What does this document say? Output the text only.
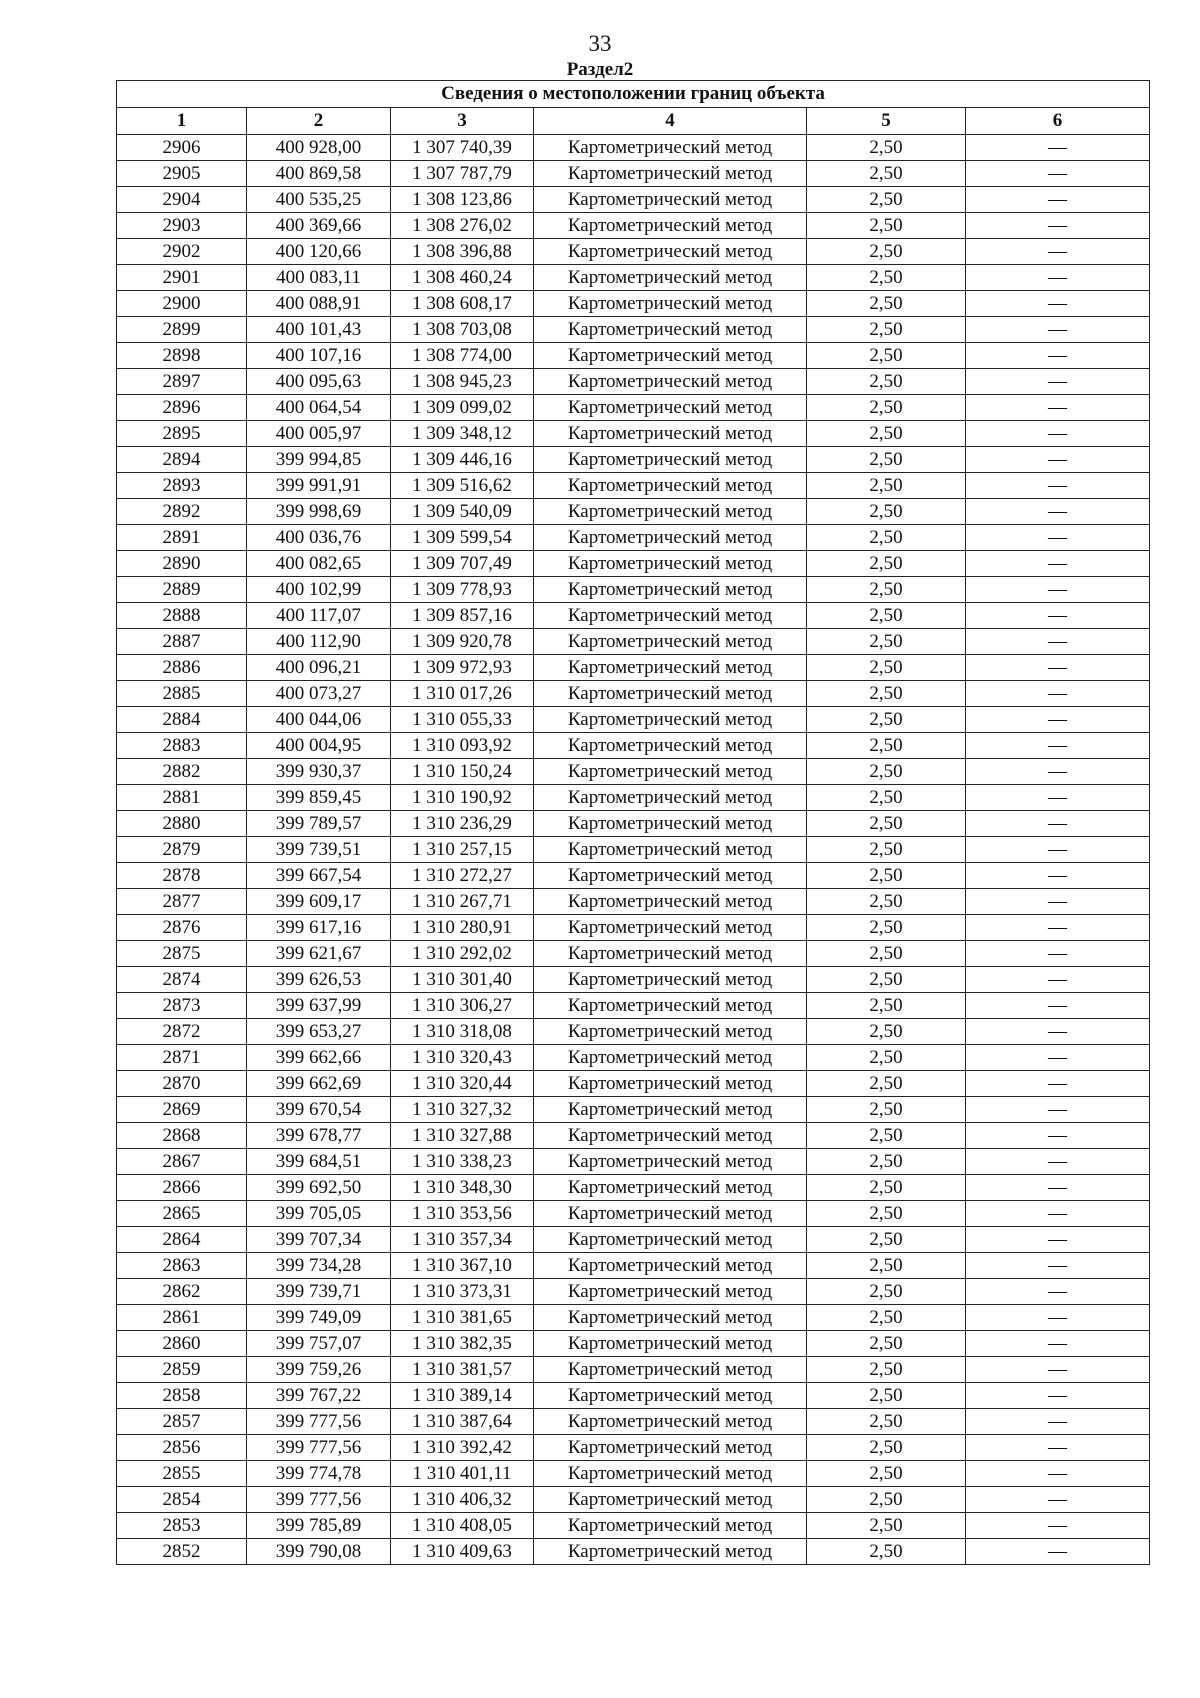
33
Раздел2
Сведения о местоположении границ объекта					
1	2	3	4	5	6
2906	400 928,00	1 307 740,39	Картометрический метод	2,50	—
2905	400 869,58	1 307 787,79	Картометрический метод	2,50	—
2904	400 535,25	1 308 123,86	Картометрический метод	2,50	—
2903	400 369,66	1 308 276,02	Картометрический метод	2,50	—
2902	400 120,66	1 308 396,88	Картометрический метод	2,50	—
2901	400 083,11	1 308 460,24	Картометрический метод	2,50	—
2900	400 088,91	1 308 608,17	Картометрический метод	2,50	—
2899	400 101,43	1 308 703,08	Картометрический метод	2,50	—
2898	400 107,16	1 308 774,00	Картометрический метод	2,50	—
2897	400 095,63	1 308 945,23	Картометрический метод	2,50	—
2896	400 064,54	1 309 099,02	Картометрический метод	2,50	—
2895	400 005,97	1 309 348,12	Картометрический метод	2,50	—
2894	399 994,85	1 309 446,16	Картометрический метод	2,50	—
2893	399 991,91	1 309 516,62	Картометрический метод	2,50	—
2892	399 998,69	1 309 540,09	Картометрический метод	2,50	—
2891	400 036,76	1 309 599,54	Картометрический метод	2,50	—
2890	400 082,65	1 309 707,49	Картометрический метод	2,50	—
2889	400 102,99	1 309 778,93	Картометрический метод	2,50	—
2888	400 117,07	1 309 857,16	Картометрический метод	2,50	—
2887	400 112,90	1 309 920,78	Картометрический метод	2,50	—
2886	400 096,21	1 309 972,93	Картометрический метод	2,50	—
2885	400 073,27	1 310 017,26	Картометрический метод	2,50	—
2884	400 044,06	1 310 055,33	Картометрический метод	2,50	—
2883	400 004,95	1 310 093,92	Картометрический метод	2,50	—
2882	399 930,37	1 310 150,24	Картометрический метод	2,50	—
2881	399 859,45	1 310 190,92	Картометрический метод	2,50	—
2880	399 789,57	1 310 236,29	Картометрический метод	2,50	—
2879	399 739,51	1 310 257,15	Картометрический метод	2,50	—
2878	399 667,54	1 310 272,27	Картометрический метод	2,50	—
2877	399 609,17	1 310 267,71	Картометрический метод	2,50	—
2876	399 617,16	1 310 280,91	Картометрический метод	2,50	—
2875	399 621,67	1 310 292,02	Картометрический метод	2,50	—
2874	399 626,53	1 310 301,40	Картометрический метод	2,50	—
2873	399 637,99	1 310 306,27	Картометрический метод	2,50	—
2872	399 653,27	1 310 318,08	Картометрический метод	2,50	—
2871	399 662,66	1 310 320,43	Картометрический метод	2,50	—
2870	399 662,69	1 310 320,44	Картометрический метод	2,50	—
2869	399 670,54	1 310 327,32	Картометрический метод	2,50	—
2868	399 678,77	1 310 327,88	Картометрический метод	2,50	—
2867	399 684,51	1 310 338,23	Картометрический метод	2,50	—
2866	399 692,50	1 310 348,30	Картометрический метод	2,50	—
2865	399 705,05	1 310 353,56	Картометрический метод	2,50	—
2864	399 707,34	1 310 357,34	Картометрический метод	2,50	—
2863	399 734,28	1 310 367,10	Картометрический метод	2,50	—
2862	399 739,71	1 310 373,31	Картометрический метод	2,50	—
2861	399 749,09	1 310 381,65	Картометрический метод	2,50	—
2860	399 757,07	1 310 382,35	Картометрический метод	2,50	—
2859	399 759,26	1 310 381,57	Картометрический метод	2,50	—
2858	399 767,22	1 310 389,14	Картометрический метод	2,50	—
2857	399 777,56	1 310 387,64	Картометрический метод	2,50	—
2856	399 777,56	1 310 392,42	Картометрический метод	2,50	—
2855	399 774,78	1 310 401,11	Картометрический метод	2,50	—
2854	399 777,56	1 310 406,32	Картометрический метод	2,50	—
2853	399 785,89	1 310 408,05	Картометрический метод	2,50	—
2852	399 790,08	1 310 409,63	Картометрический метод	2,50	—
